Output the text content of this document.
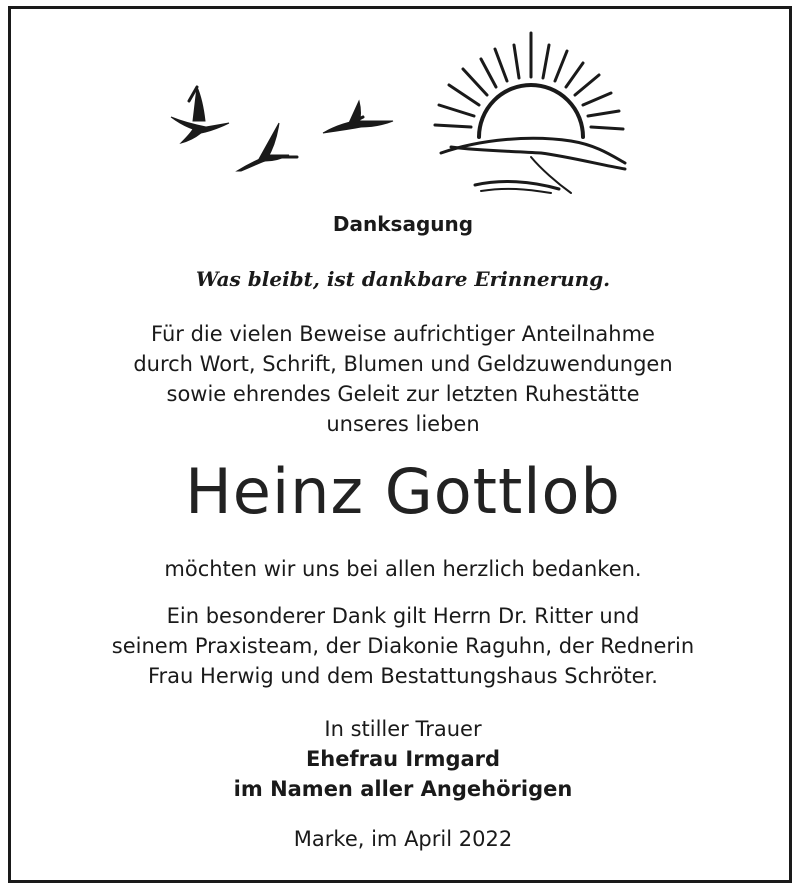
Danksagung
Was bleibt, ist dankbare Erinnerung.
Für die vielen Beweise aufrichtiger Anteilnahme
durch Wort, Schrift, Blumen und Geldzuwendungen
sowie ehrendes Geleit zur letzten Ruhestätte
unseres lieben
Heinz Gottlob
möchten wir uns bei allen herzlich bedanken.
Ein besonderer Dank gilt Herrn Dr. Ritter und
seinem Praxisteam, der Diakonie Raguhn, der Rednerin
Frau Herwig und dem Bestattungshaus Schröter.
In stiller Trauer
Ehefrau Irmgard
im Namen aller Angehörigen
Marke, im April 2022
